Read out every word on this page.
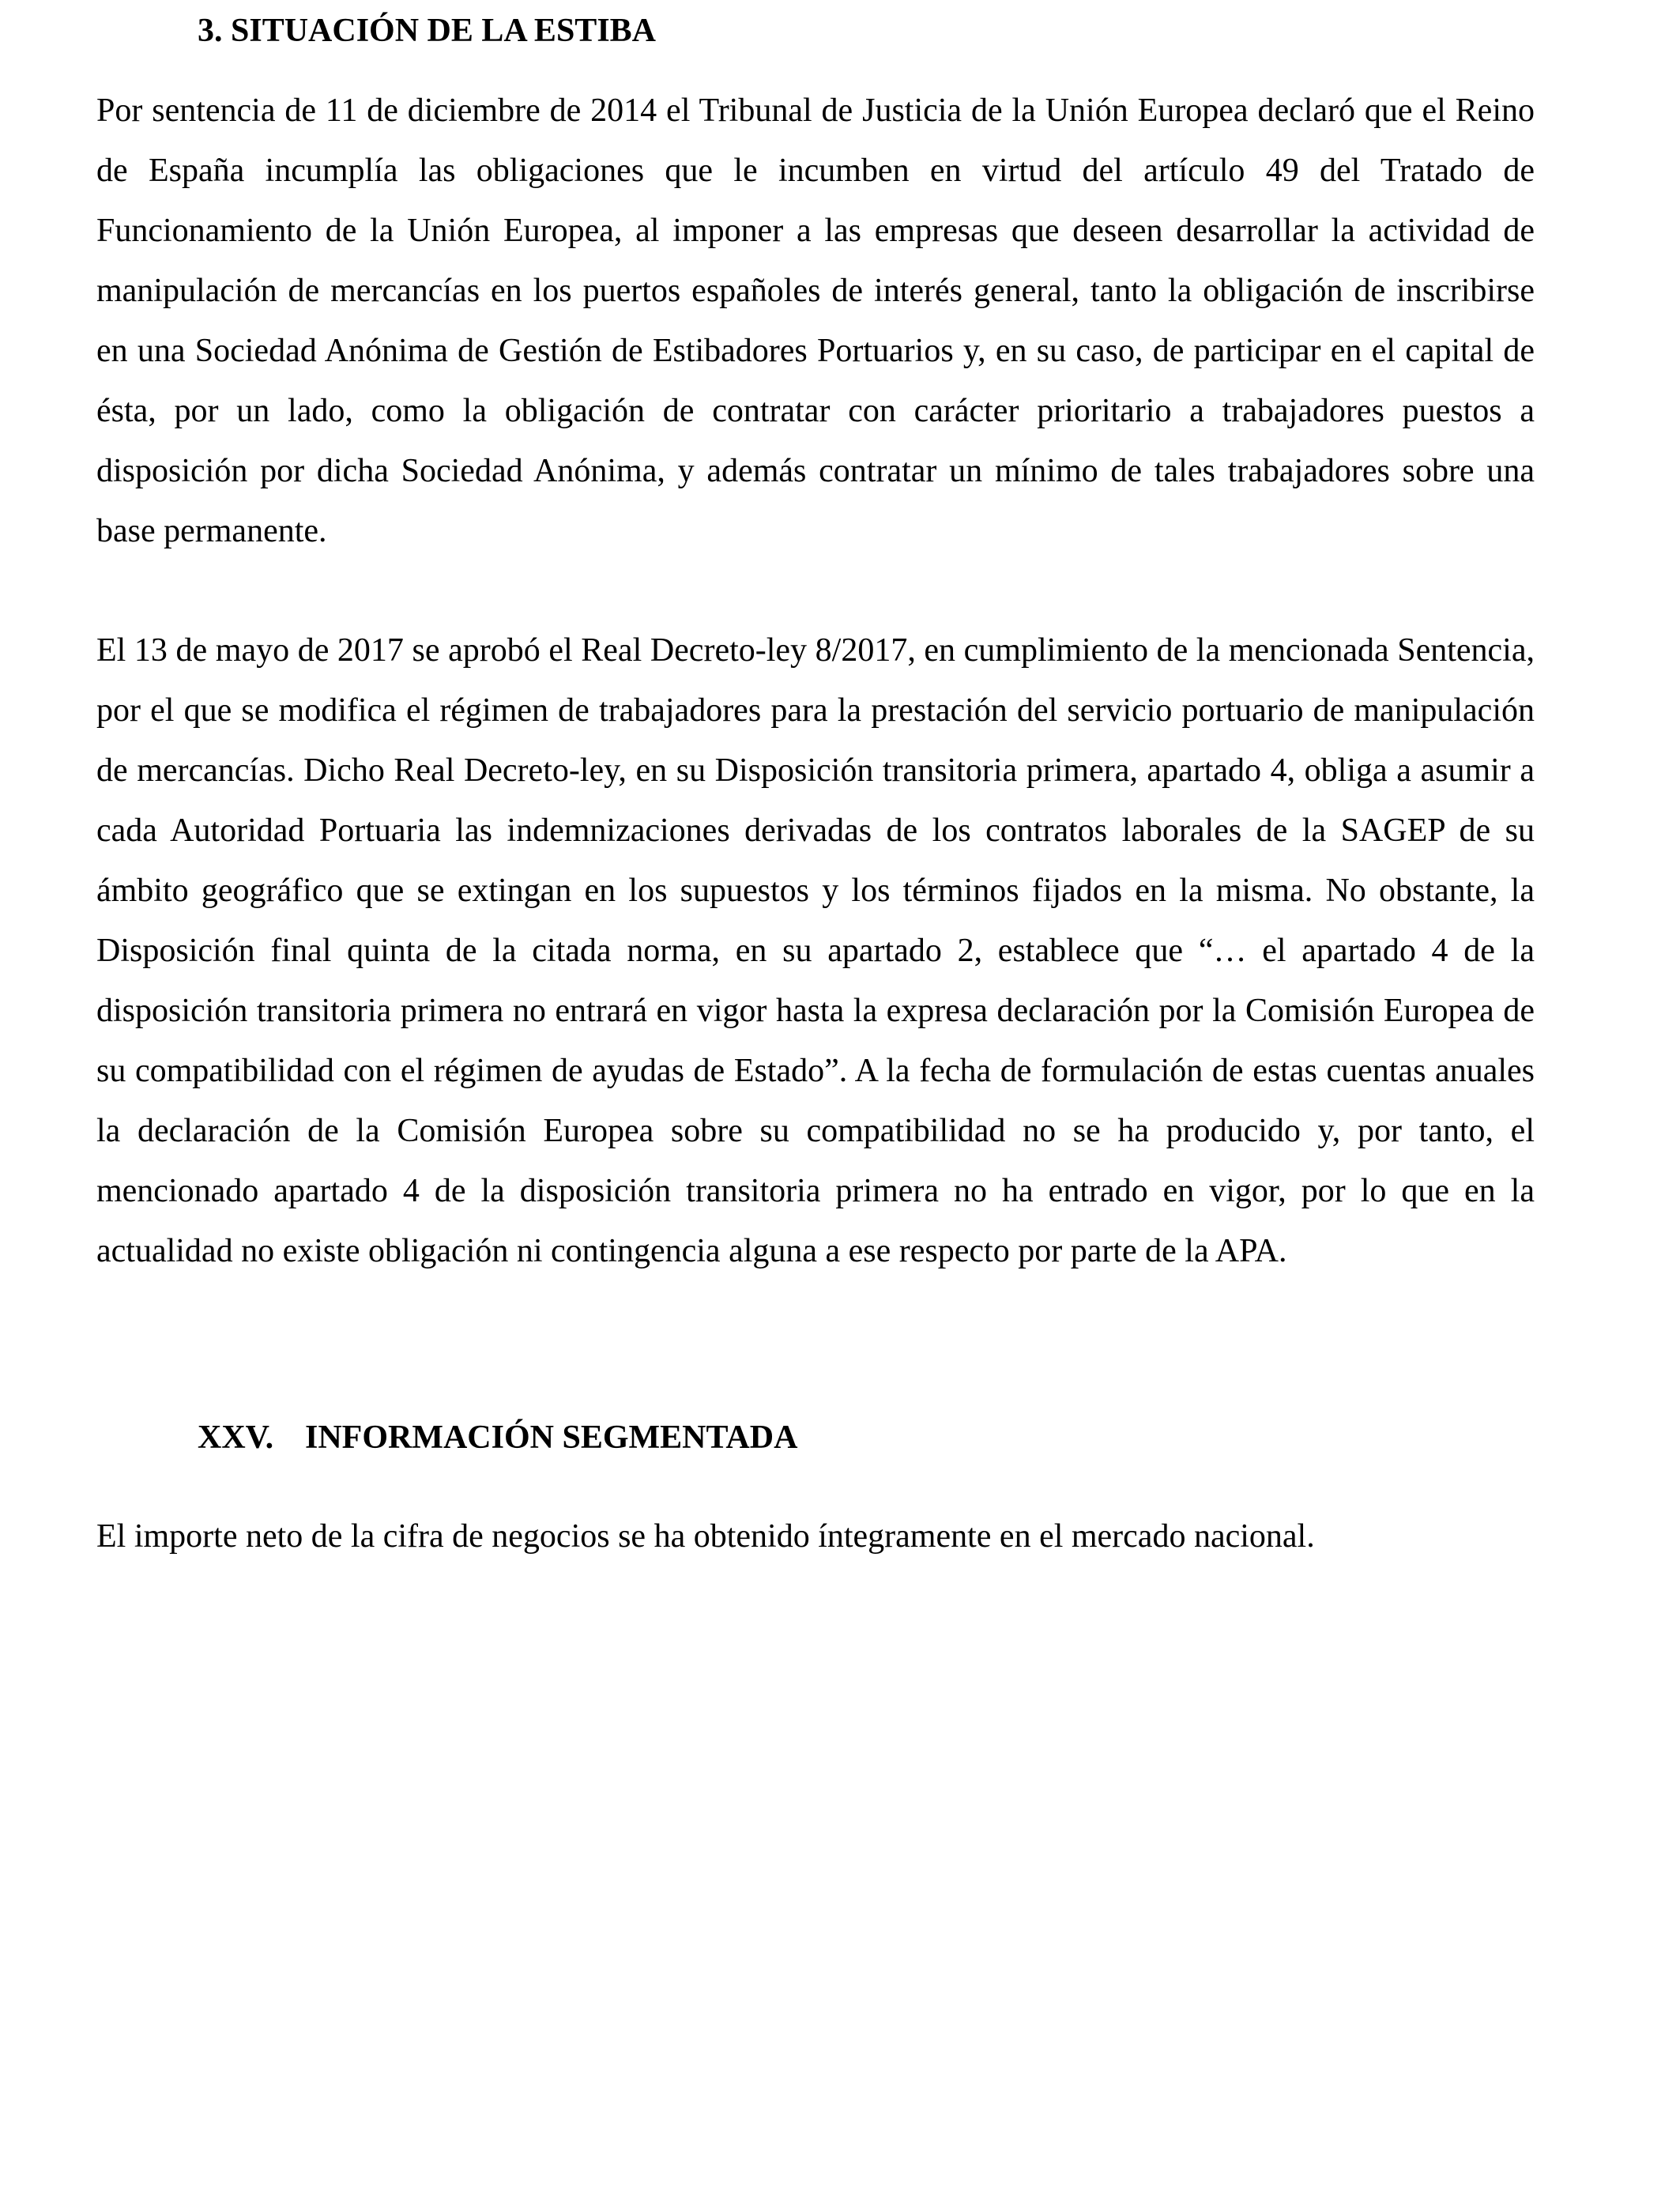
3. SITUACIÓN DE LA ESTIBA

Por sentencia de 11 de diciembre de 2014 el Tribunal de Justicia de la Unión Europea declaró que el Reino de España incumplía las obligaciones que le incumben en virtud del artículo 49 del Tratado de Funcionamiento de la Unión Europea, al imponer a las empresas que deseen desarrollar la actividad de manipulación de mercancías en los puertos españoles de interés general, tanto la obligación de inscribirse en una Sociedad Anónima de Gestión de Estibadores Portuarios y, en su caso, de participar en el capital de ésta, por un lado, como la obligación de contratar con carácter prioritario a trabajadores puestos a disposición por dicha Sociedad Anónima, y además contratar un mínimo de tales trabajadores sobre una base permanente.

El 13 de mayo de 2017 se aprobó el Real Decreto-ley 8/2017, en cumplimiento de la mencionada Sentencia, por el que se modifica el régimen de trabajadores para la prestación del servicio portuario de manipulación de mercancías. Dicho Real Decreto-ley, en su Disposición transitoria primera, apartado 4, obliga a asumir a cada Autoridad Portuaria las indemnizaciones derivadas de los contratos laborales de la SAGEP de su ámbito geográfico que se extingan en los supuestos y los términos fijados en la misma. No obstante, la Disposición final quinta de la citada norma, en su apartado 2, establece que “… el apartado 4 de la disposición transitoria primera no entrará en vigor hasta la expresa declaración por la Comisión Europea de su compatibilidad con el régimen de ayudas de Estado”. A la fecha de formulación de estas cuentas anuales la declaración de la Comisión Europea sobre su compatibilidad no se ha producido y, por tanto, el mencionado apartado 4 de la disposición transitoria primera no ha entrado en vigor, por lo que en la actualidad no existe obligación ni contingencia alguna a ese respecto por parte de la APA.

XXV. INFORMACIÓN SEGMENTADA

El importe neto de la cifra de negocios se ha obtenido íntegramente en el mercado nacional.
